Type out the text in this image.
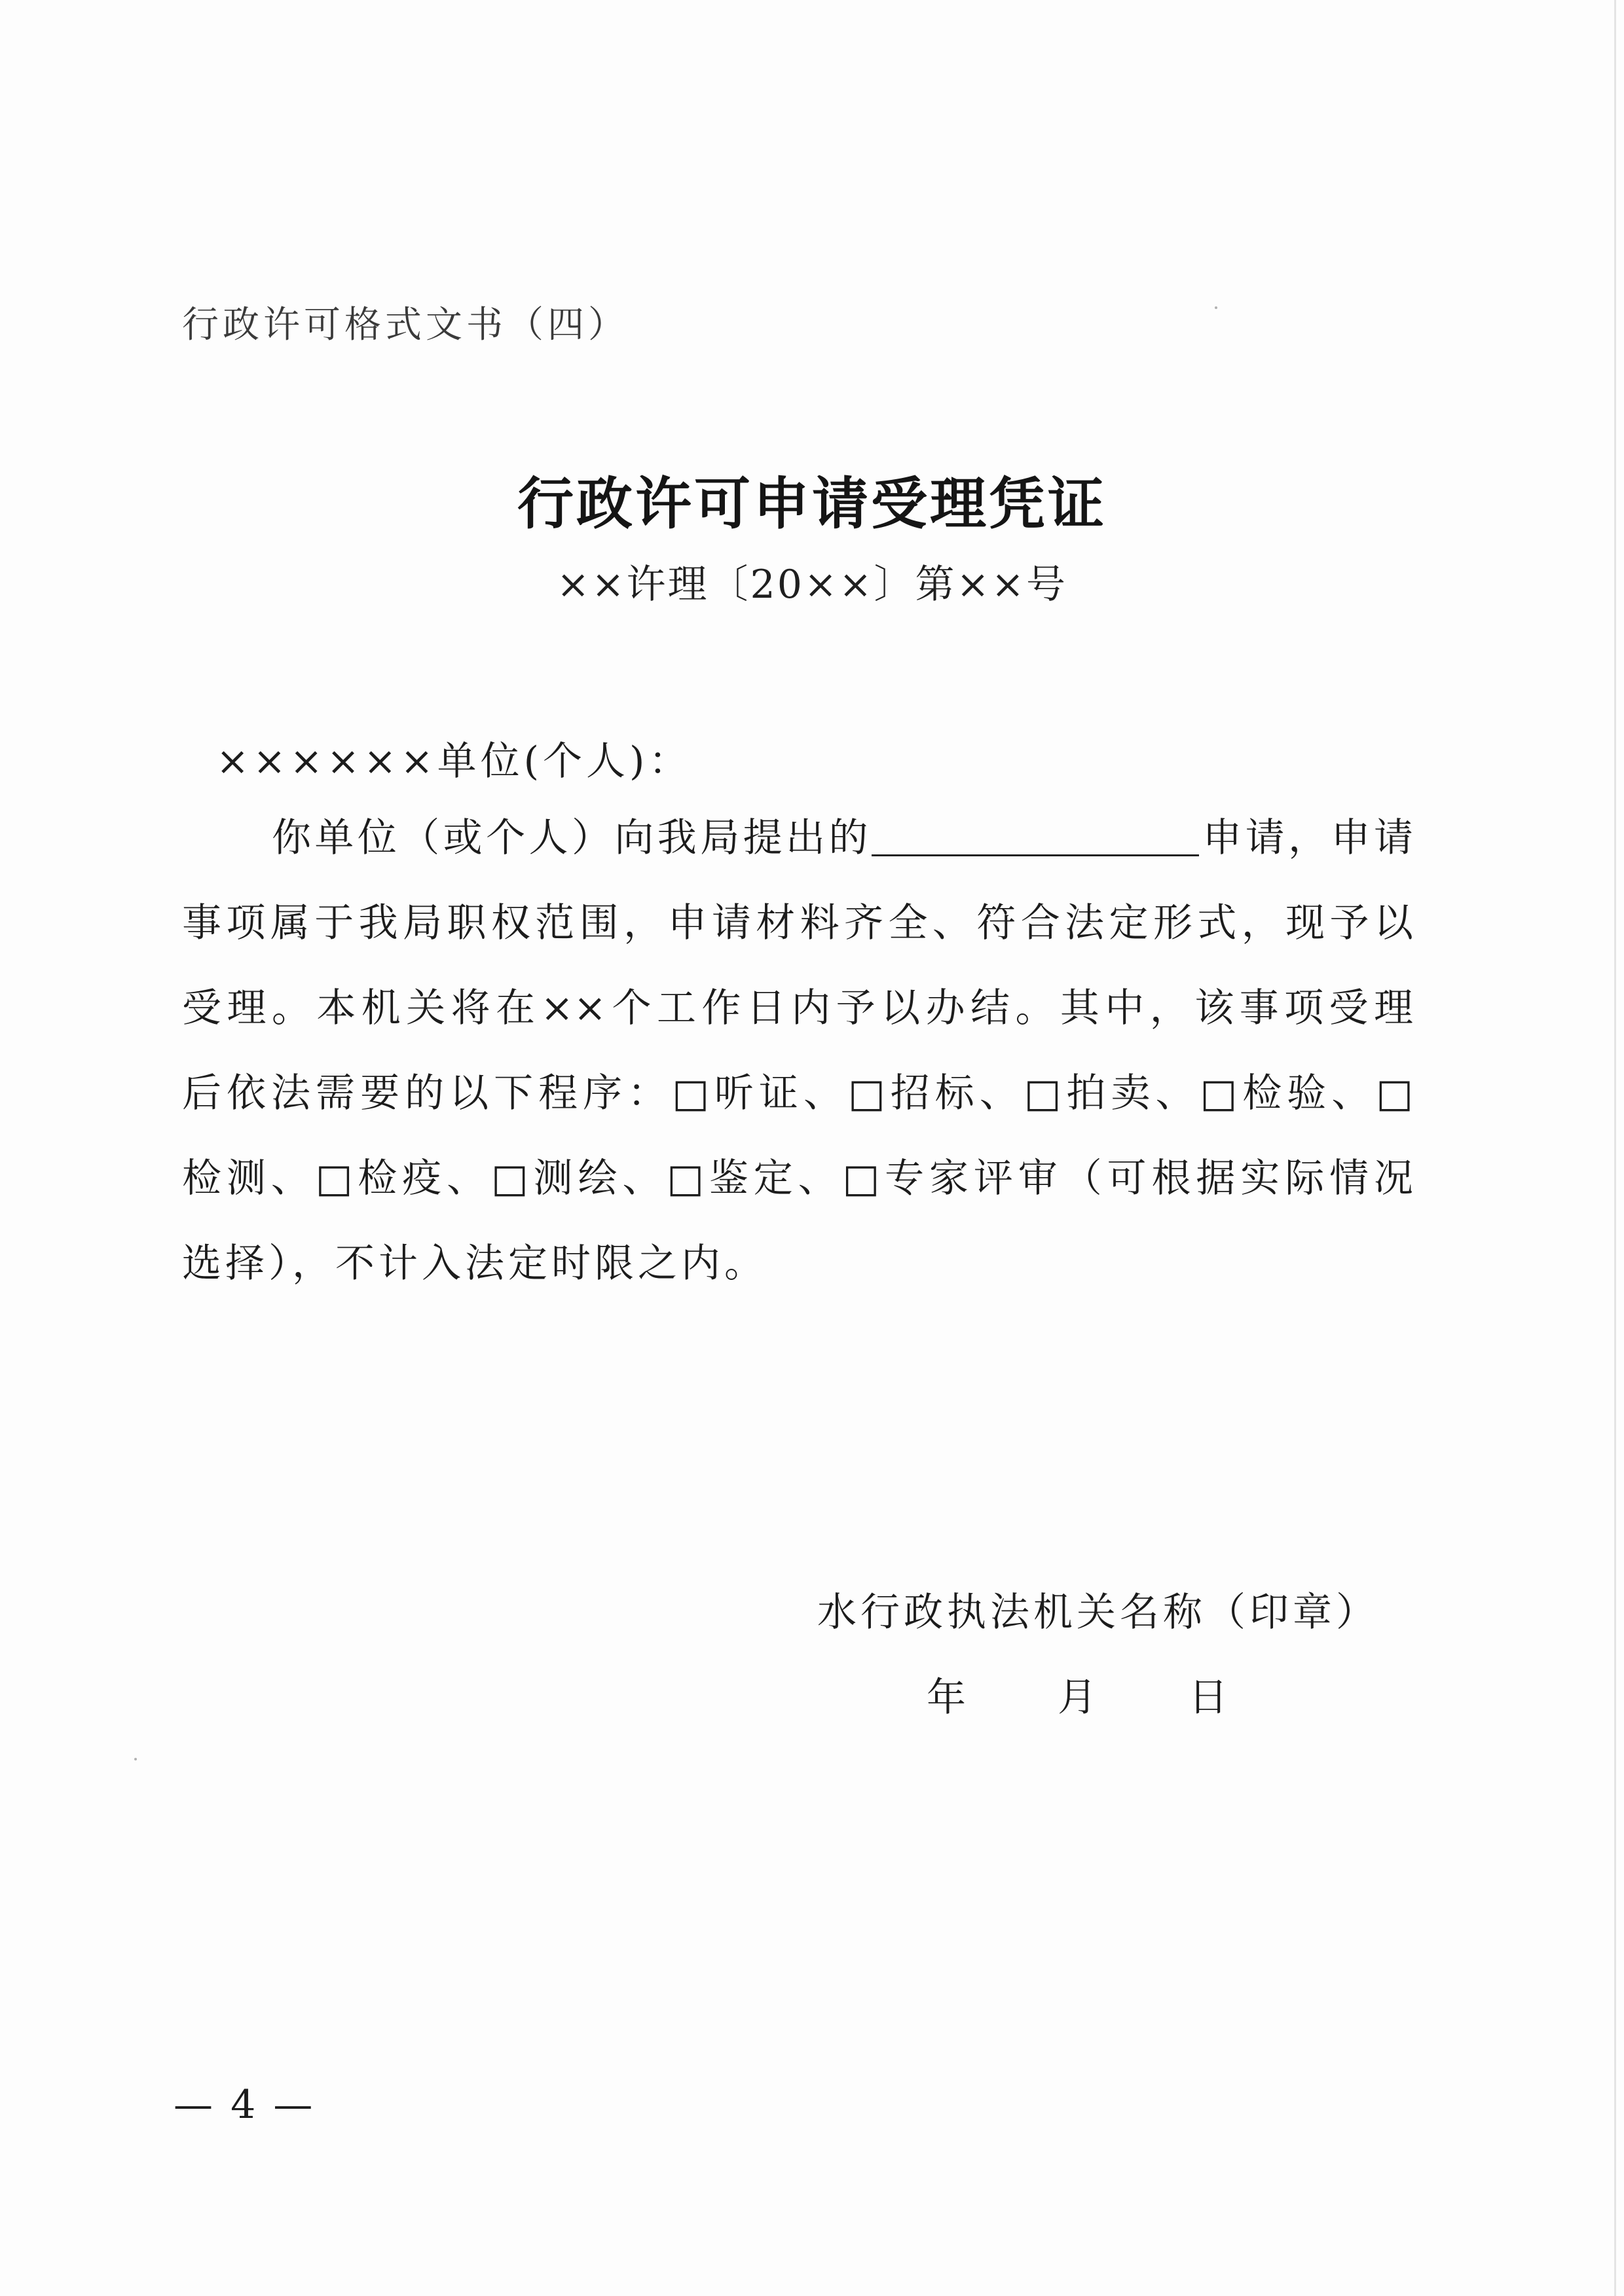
行政许可格式文书（四）
行政许可申请受理凭证
××许理〔20××〕第××号
××××××单位(个人)：
你单位（或个人）向我局提出的	申请，申请
事项属于我局职权范围，申请材料齐全、符合法定形式，现予以
受理。本机关将在××个工作日内予以办结。其中，该事项受理
后依法需要的以下程序：□听证、□招标、□拍卖、□检验、□
检测、□检疫、□测绘、□鉴定、□专家评审（可根据实际情况
选择），不计入法定时限之内。
水行政执法机关名称（印章）
年 月 日
— 4 —
